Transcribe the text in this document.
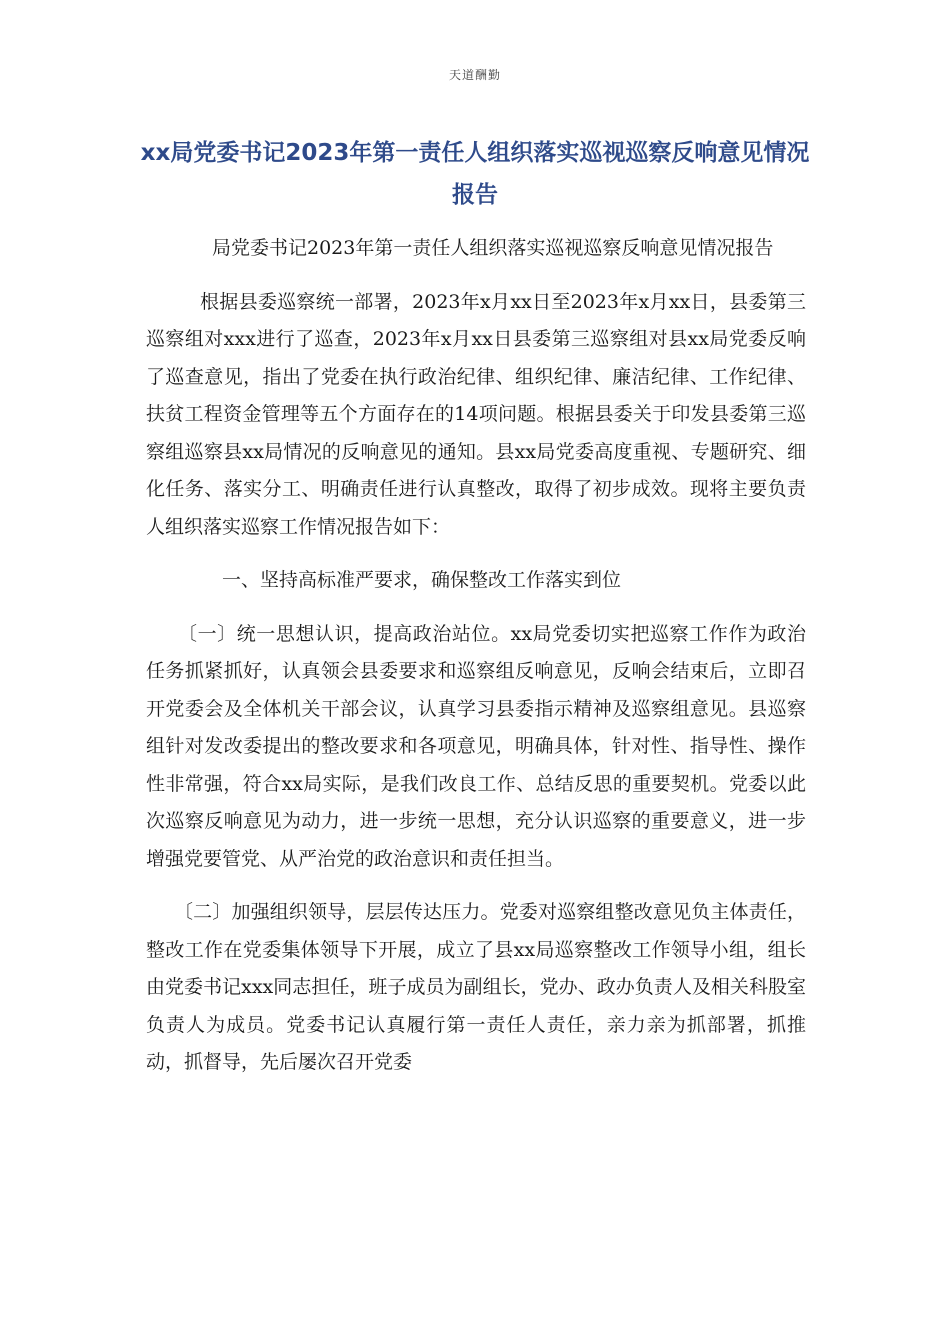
天道酬勤
xx局党委书记2023年第一责任人组织落实巡视巡察反响意见情况报告

局党委书记2023年第一责任人组织落实巡视巡察反响意见情况报告

根据县委巡察统一部署，2023年x月xx日至2023年x月xx日，县委第三巡察组对xxx进行了巡查，2023年x月xx日县委第三巡察组对县xx局党委反响了巡查意见，指出了党委在执行政治纪律、组织纪律、廉洁纪律、工作纪律、扶贫工程资金管理等五个方面存在的14项问题。根据县委关于印发县委第三巡察组巡察县xx局情况的反响意见的通知。县xx局党委高度重视、专题研究、细化任务、落实分工、明确责任进行认真整改，取得了初步成效。现将主要负责人组织落实巡察工作情况报告如下：

一、坚持高标准严要求，确保整改工作落实到位

〔一〕统一思想认识，提高政治站位。xx局党委切实把巡察工作作为政治任务抓紧抓好，认真领会县委要求和巡察组反响意见，反响会结束后，立即召开党委会及全体机关干部会议，认真学习县委指示精神及巡察组意见。县巡察组针对发改委提出的整改要求和各项意见，明确具体，针对性、指导性、操作性非常强，符合xx局实际，是我们改良工作、总结反思的重要契机。党委以此次巡察反响意见为动力，进一步统一思想，充分认识巡察的重要意义，进一步增强党要管党、从严治党的政治意识和责任担当。

〔二〕加强组织领导，层层传达压力。党委对巡察组整改意见负主体责任，整改工作在党委集体领导下开展，成立了县xx局巡察整改工作领导小组，组长由党委书记xxx同志担任，班子成员为副组长，党办、政办负责人及相关科股室负责人为成员。党委书记认真履行第一责任人责任，亲力亲为抓部署，抓推动，抓督导，先后屡次召开党委
